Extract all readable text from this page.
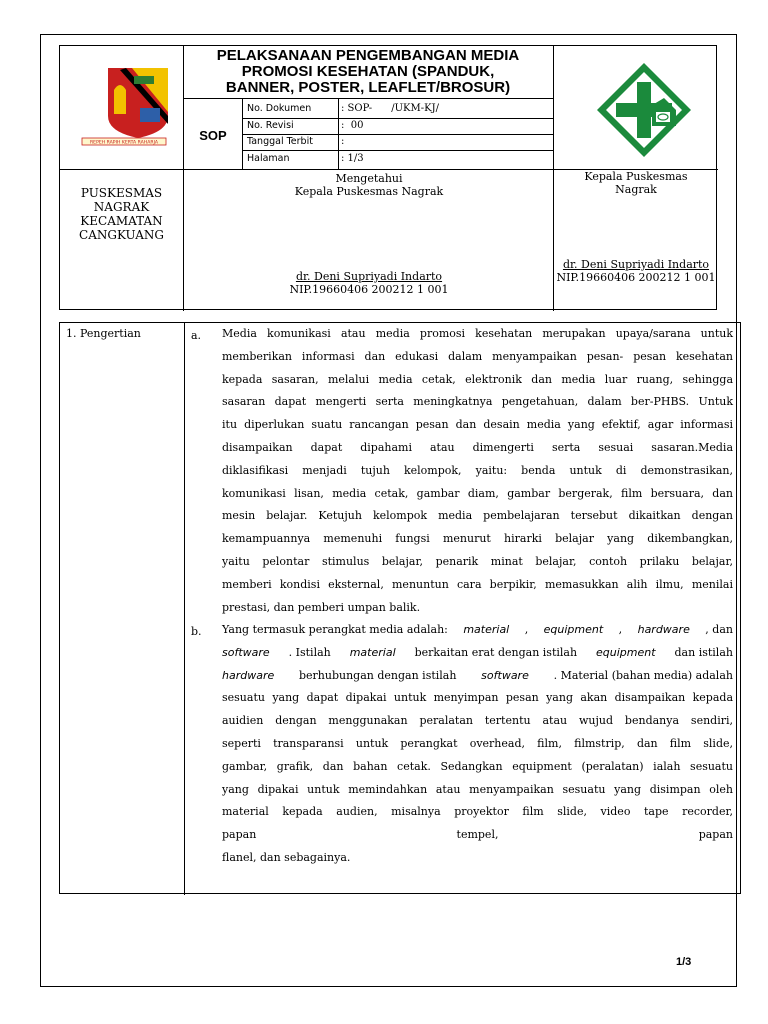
REPEH RAPIH KERTA RAHARJA
PELAKSANAAN PENGEMBANGAN MEDIA
PROMOSI KESEHATAN (SPANDUK,
BANNER, POSTER, LEAFLET/BROSUR)
SOP
No. Dokumen	: SOP-      /UKM-KJ/
No. Revisi	:  00
Tanggal Terbit	:
Halaman	: 1/3
PUSKESMAS
NAGRAK
KECAMATAN
CANGKUANG
Mengetahui
Kepala Puskesmas Nagrak
dr. Deni Supriyadi Indarto
NIP.19660406 200212 1 001
Kepala Puskesmas
Nagrak
dr. Deni Supriyadi Indarto
NIP.19660406 200212 1 001
1. Pengertian	a. Media komunikasi atau media promosi kesehatan merupakan upaya/sarana untuk
memberikan informasi dan edukasi dalam menyampaikan pesan- pesan kesehatan
kepada sasaran, melalui media cetak, elektronik dan media luar ruang, sehingga
sasaran dapat mengerti serta meningkatnya pengetahuan, dalam ber-PHBS. Untuk
itu diperlukan suatu rancangan pesan dan desain media yang efektif, agar informasi
disampaikan dapat dipahami atau dimengerti serta sesuai sasaran.Media
diklasifikasi menjadi tujuh kelompok, yaitu: benda untuk di demonstrasikan,
komunikasi lisan, media cetak, gambar diam, gambar bergerak, film bersuara, dan
mesin belajar. Ketujuh kelompok media pembelajaran tersebut dikaitkan dengan
kemampuannya memenuhi fungsi menurut hirarki belajar yang dikembangkan,
yaitu pelontar stimulus belajar, penarik minat belajar, contoh prilaku belajar,
memberi kondisi eksternal, menuntun cara berpikir, memasukkan alih ilmu, menilai
prestasi, dan pemberi umpan balik.
b. Yang termasuk perangkat media adalah: material , equipment , hardware , dan
software . Istilah material berkaitan erat dengan istilah equipment dan istilah
hardware berhubungan dengan istilah software . Material (bahan media) adalah
sesuatu yang dapat dipakai untuk menyimpan pesan yang akan disampaikan kepada
auidien dengan menggunakan peralatan tertentu atau wujud bendanya sendiri,
seperti transparansi untuk perangkat overhead, film, filmstrip, dan film slide,
gambar, grafik, dan bahan cetak. Sedangkan equipment (peralatan) ialah sesuatu
yang dipakai untuk memindahkan atau menyampaikan sesuatu yang disimpan oleh
material kepada audien, misalnya proyektor film slide, video tape recorder,
papan tempel, papan
flanel, dan sebagainya.
1/3
